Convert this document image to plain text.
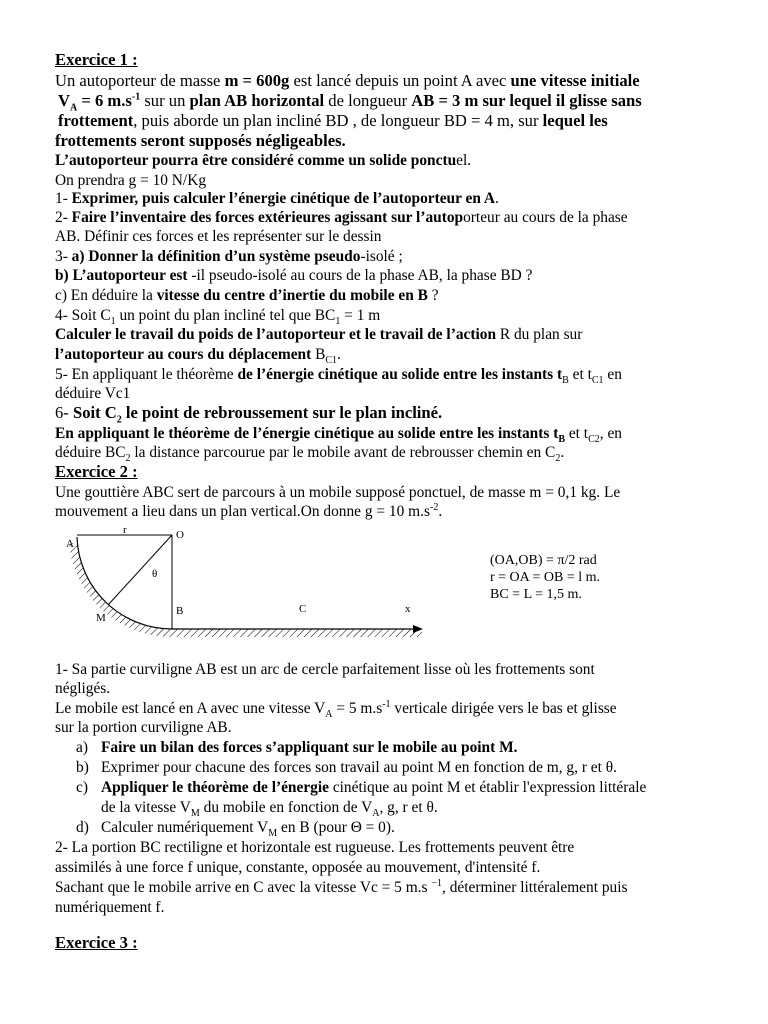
Exercice 1 :
Un autoporteur de masse m = 600g est lancé depuis un point A avec une vitesse initiale
$V_A = 6$ $m.s^{-1}$ sur un plan AB horizontal de longueur AB = 3 m sur lequel il glisse sans
frottement, puis aborde un plan incliné BD , de longueur BD = 4 m, sur lequel les
frottements seront supposés négligeables.
L’autoporteur pourra être considéré comme un solide ponctuel.
On prendra g = 10 N/Kg
1- Exprimer, puis calculer l’énergie cinétique de l’autoporteur en A.
2- Faire l’inventaire des forces extérieures agissant sur l’autoporteur au cours de la phase
AB. Définir ces forces et les représenter sur le dessin
3- a) Donner la définition d’un système pseudo-isolé ;
b) L’autoporteur est -il pseudo-isolé au cours de la phase AB, la phase BD ?
c) En déduire la vitesse du centre d’inertie du mobile en B ?
4- Soit $C_1$ un point du plan incliné tel que $BC_1 = 1$ m
Calculer le travail du poids de l’autoporteur et le travail de l’action R du plan sur
l’autoporteur au cours du déplacement $B_{C1}$.
5- En appliquant le théorème de l’énergie cinétique au solide entre les instants $t_B$ et $t_{C1}$ en
déduire Vc1
6- Soit $C_2$ le point de rebroussement sur le plan incliné.
En appliquant le théorème de l’énergie cinétique au solide entre les instants $t_B$ et $t_{C2}$, en
déduire $BC_2$ la distance parcourue par le mobile avant de rebrousser chemin en $C_2$.
Exercice 2 :
Une gouttière ABC sert de parcours à un mobile supposé ponctuel, de masse m = 0,1 kg. Le
mouvement a lieu dans un plan vertical.On donne g = 10 $m.s^{-2}$.
A
r	O
θ
M
B	C	x
(OA,OB) = π/2 rad
r = OA = OB = l m.
BC = L = 1,5 m.
1- Sa partie curviligne AB est un arc de cercle parfaitement lisse où les frottements sont
négligés.
Le mobile est lancé en A avec une vitesse $V_A = 5$ $m.s^{-1}$ verticale dirigée vers le bas et glisse
sur la portion curviligne AB.
a) Faire un bilan des forces s’appliquant sur le mobile au point M.
b) Exprimer pour chacune des forces son travail au point M en fonction de m, g, r et θ.
c) Appliquer le théorème de l’énergie cinétique au point M et établir l'expression littérale
de la vitesse $V_M$ du mobile en fonction de $V_A$, g, r et θ.
d) Calculer numériquement $V_M$ en B (pour Θ = 0).
2- La portion BC rectiligne et horizontale est rugueuse. Les frottements peuvent être
assimilés à une force f unique, constante, opposée au mouvement, d'intensité f.
Sachant que le mobile arrive en C avec la vitesse Vc = 5 m.s $^{-1}$, déterminer littéralement puis
numériquement f.
Exercice 3 :
